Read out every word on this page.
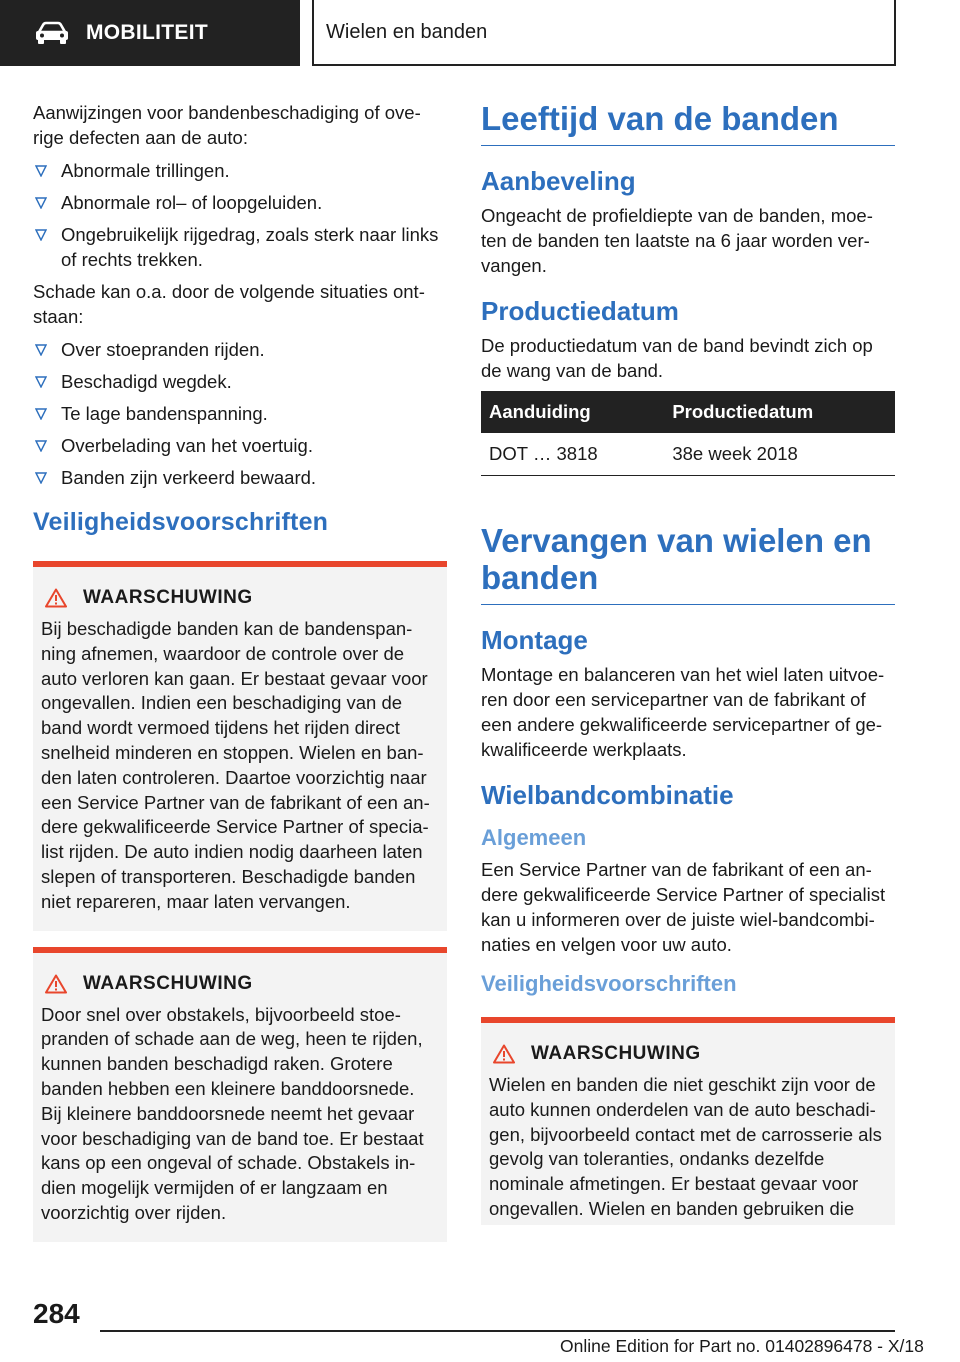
MOBILITEIT	Wielen en banden

Aanwijzingen voor bandenbeschadiging of ove-rige defecten aan de auto:

Abnormale trillingen.
Abnormale rol– of loopgeluiden.
Ongebruikelijk rijgedrag, zoals sterk naar links of rechts trekken.

Schade kan o.a. door de volgende situaties ont-staan:

Over stoepranden rijden.
Beschadigd wegdek.
Te lage bandenspanning.
Overbelading van het voertuig.
Banden zijn verkeerd bewaard.
Veiligheidsvoorschriften
WAARSCHUWING
Bij beschadigde banden kan de bandenspan-ning afnemen, waardoor de controle over de auto verloren kan gaan. Er bestaat gevaar voor ongevallen. Indien een beschadiging van de band wordt vermoed tijdens het rijden direct snelheid minderen en stoppen. Wielen en ban-den laten controleren. Daartoe voorzichtig naar een Service Partner van de fabrikant of een an-dere gekwalificeerde Service Partner of specia-list rijden. De auto indien nodig daarheen laten slepen of transporteren. Beschadigde banden niet repareren, maar laten vervangen.
WAARSCHUWING
Door snel over obstakels, bijvoorbeeld stoe-pranden of schade aan de weg, heen te rijden, kunnen banden beschadigd raken. Grotere banden hebben een kleinere banddoorsnede. Bij kleinere banddoorsnede neemt het gevaar voor beschadiging van de band toe. Er bestaat kans op een ongeval of schade. Obstakels in-dien mogelijk vermijden of er langzaam en voorzichtig over rijden.
Leeftijd van de banden
Aanbeveling

Ongeacht de profieldiepte van de banden, moe-ten de banden ten laatste na 6 jaar worden ver-vangen.

Productiedatum

De productiedatum van de band bevindt zich op de wang van de band.

Aanduiding	Productiedatum
DOT … 3818	38e week 2018
Vervangen van wielen en banden
Montage

Montage en balanceren van het wiel laten uitvoe-ren door een servicepartner van de fabrikant of een andere gekwalificeerde servicepartner of ge-kwalificeerde werkplaats.

Wielbandcombinatie
Algemeen

Een Service Partner van de fabrikant of een an-dere gekwalificeerde Service Partner of specialist kan u informeren over de juiste wiel-bandcombi-naties en velgen voor uw auto.

Veiligheidsvoorschriften
WAARSCHUWING
Wielen en banden die niet geschikt zijn voor de auto kunnen onderdelen van de auto beschadi-gen, bijvoorbeeld contact met de carrosserie als gevolg van toleranties, ondanks dezelfde nominale afmetingen. Er bestaat gevaar voor ongevallen. Wielen en banden gebruiken die
284
Online Edition for Part no. 01402896478 - X/18
